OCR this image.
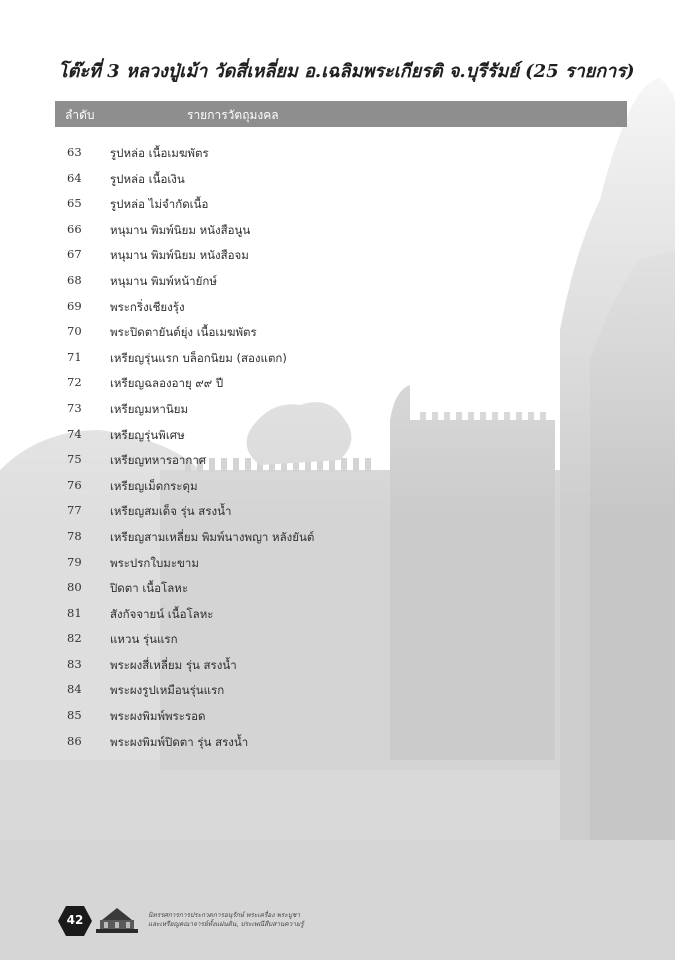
โต๊ะที่ 3 หลวงปู่เม้า วัดสี่เหลี่ยม อ.เฉลิมพระเกียรติ จ.บุรีรัมย์ (25 รายการ)
ลำดับ	รายการวัตถุมงคล
63	รูปหล่อ เนื้อเมฆพัตร
64	รูปหล่อ เนื้อเงิน
65	รูปหล่อ ไม่จำกัดเนื้อ
66	หนุมาน พิมพ์นิยม หนังสือนูน
67	หนุมาน พิมพ์นิยม หนังสือจม
68	หนุมาน พิมพ์หน้ายักษ์
69	พระกริ่งเชียงรุ้ง
70	พระปิดตายันต์ยุ่ง เนื้อเมฆพัตร
71	เหรียญรุ่นแรก บล็อกนิยม (สองแตก)
72	เหรียญฉลองอายุ ๙๙ ปี
73	เหรียญมหานิยม
74	เหรียญรุ่นพิเศษ
75	เหรียญทหารอากาศ
76	เหรียญเม็ดกระดุม
77	เหรียญสมเด็จ รุ่น สรงน้ำ
78	เหรียญสามเหลี่ยม พิมพ์นางพญา หลังยันต์
79	พระปรกใบมะขาม
80	ปิดตา เนื้อโลหะ
81	สังกัจจายน์ เนื้อโลหะ
82	แหวน รุ่นแรก
83	พระผงสี่เหลี่ยม รุ่น สรงน้ำ
84	พระผงรูปเหมือนรุ่นแรก
85	พระผงพิมพ์พระรอด
86	พระผงพิมพ์ปิดตา รุ่น สรงน้ำ
42	นิทรรศการการประกวดการอนุรักษ์ พระเครื่อง พระบูชา
และเหรียญคณาจารย์ทั้งแผ่นดิน, ประเพณีสืบสานความรู้
